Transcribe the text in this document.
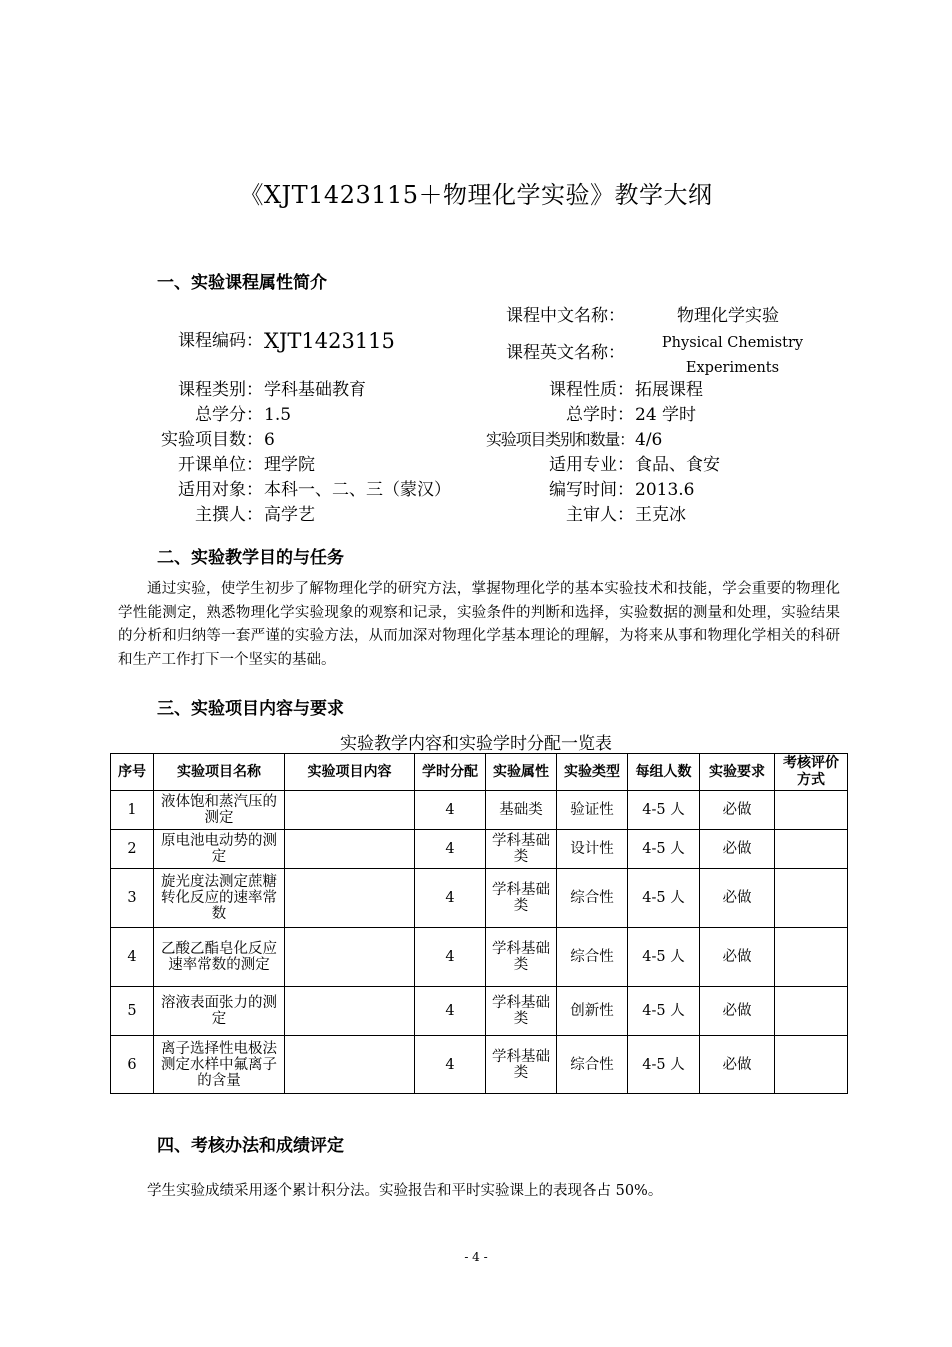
《XJT1423115＋物理化学实验》教学大纲
一、实验课程属性简介
课程中文名称：	物理化学实验
课程编码： XJT1423115	课程英文名称：	Physical Chemistry
Experiments
课程类别： 学科基础教育	课程性质： 拓展课程
总学分： 1.5	总学时： 24 学时
实验项目数： 6	实验项目类别和数量： 4/6
开课单位： 理学院	适用专业： 食品、食安
适用对象： 本科一、二、三（蒙汉）	编写时间： 2013.6
主撰人： 高学艺	主审人： 王克冰
二、实验教学目的与任务

通过实验，使学生初步了解物理化学的研究方法，掌握物理化学的基本实验技术和技能，学会重要的物理化学性能测定，熟悉物理化学实验现象的观察和记录，实验条件的判断和选择，实验数据的测量和处理，实验结果的分析和归纳等一套严谨的实验方法，从而加深对物理化学基本理论的理解，为将来从事和物理化学相关的科研和生产工作打下一个坚实的基础。

三、实验项目内容与要求
实验教学内容和实验学时分配一览表
序号	实验项目名称	实验项目内容	学时分配	实验属性	实验类型	每组人数	实验要求	考核评价方式
1	液体饱和蒸汽压的测定		4	基础类	验证性	4-5 人	必做	
2	原电池电动势的测定		4	学科基础类	设计性	4-5 人	必做	
3	旋光度法测定蔗糖转化反应的速率常数		4	学科基础类	综合性	4-5 人	必做	
4	乙酸乙酯皂化反应速率常数的测定		4	学科基础类	综合性	4-5 人	必做	
5	溶液表面张力的测定		4	学科基础类	创新性	4-5 人	必做	
6	离子选择性电极法测定水样中氟离子的含量		4	学科基础类	综合性	4-5 人	必做	
四、考核办法和成绩评定

学生实验成绩采用逐个累计积分法。实验报告和平时实验课上的表现各占 50%。

- 4 -
